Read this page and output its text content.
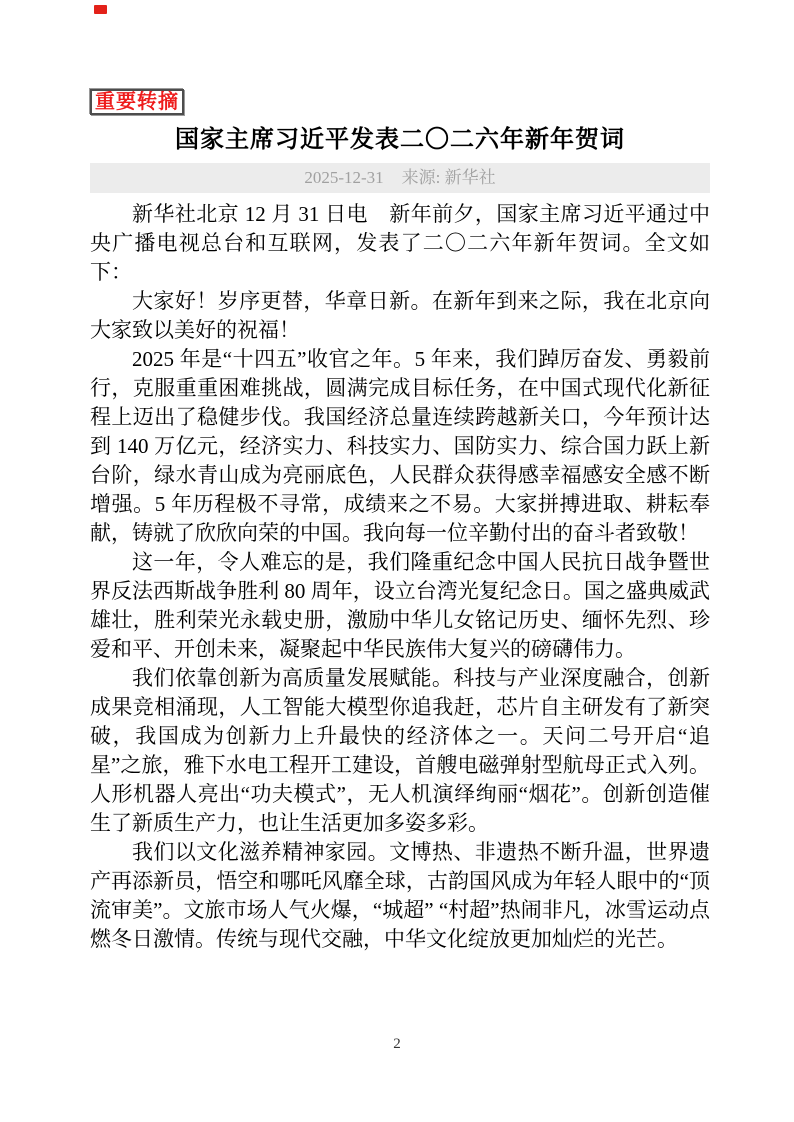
重要转摘
国家主席习近平发表二〇二六年新年贺词
2025-12-31 来源: 新华社

新华社北京 12 月 31 日电　新年前夕，国家主席习近平通过中央广播电视总台和互联网，发表了二〇二六年新年贺词。全文如下：

大家好！岁序更替，华章日新。在新年到来之际，我在北京向大家致以美好的祝福！

2025 年是“十四五”收官之年。5 年来，我们踔厉奋发、勇毅前行，克服重重困难挑战，圆满完成目标任务，在中国式现代化新征程上迈出了稳健步伐。我国经济总量连续跨越新关口，今年预计达到 140 万亿元，经济实力、科技实力、国防实力、综合国力跃上新台阶，绿水青山成为亮丽底色，人民群众获得感幸福感安全感不断增强。5 年历程极不寻常，成绩来之不易。大家拼搏进取、耕耘奉献，铸就了欣欣向荣的中国。我向每一位辛勤付出的奋斗者致敬！

这一年，令人难忘的是，我们隆重纪念中国人民抗日战争暨世界反法西斯战争胜利 80 周年，设立台湾光复纪念日。国之盛典威武雄壮，胜利荣光永载史册，激励中华儿女铭记历史、缅怀先烈、珍爱和平、开创未来，凝聚起中华民族伟大复兴的磅礴伟力。

我们依靠创新为高质量发展赋能。科技与产业深度融合，创新成果竞相涌现，人工智能大模型你追我赶，芯片自主研发有了新突破，我国成为创新力上升最快的经济体之一。天问二号开启“追星”之旅，雅下水电工程开工建设，首艘电磁弹射型航母正式入列。人形机器人亮出“功夫模式”，无人机演绎绚丽“烟花”。创新创造催生了新质生产力，也让生活更加多姿多彩。

我们以文化滋养精神家园。文博热、非遗热不断升温，世界遗产再添新员，悟空和哪吒风靡全球，古韵国风成为年轻人眼中的“顶流审美”。文旅市场人气火爆，“城超” “村超”热闹非凡，冰雪运动点燃冬日激情。传统与现代交融，中华文化绽放更加灿烂的光芒。

2
